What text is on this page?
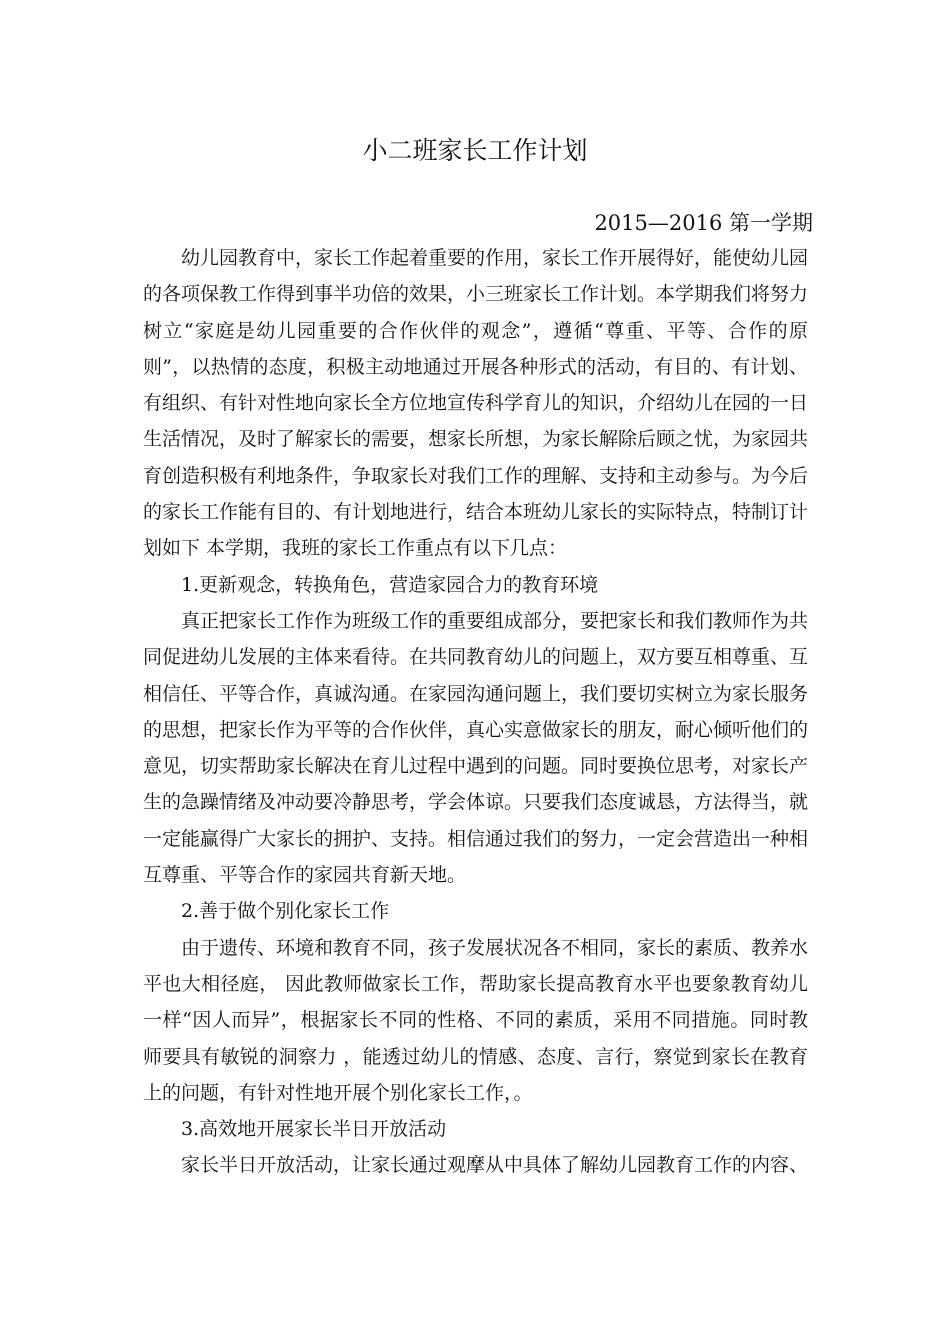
小二班家长工作计划
2015—2016 第一学期

幼儿园教育中，家长工作起着重要的作用，家长工作开展得好，能使幼儿园的各项保教工作得到事半功倍的效果，小三班家长工作计划。本学期我们将努力树立“家庭是幼儿园重要的合作伙伴的观念”，遵循“尊重、平等、合作的原则”，以热情的态度，积极主动地通过开展各种形式的活动，有目的、有计划、有组织、有针对性地向家长全方位地宣传科学育儿的知识，介绍幼儿在园的一日生活情况，及时了解家长的需要，想家长所想，为家长解除后顾之忧，为家园共育创造积极有利地条件，争取家长对我们工作的理解、支持和主动参与。为今后的家长工作能有目的、有计划地进行，结合本班幼儿家长的实际特点，特制订计划如下 本学期，我班的家长工作重点有以下几点：

1.更新观念，转换角色，营造家园合力的教育环境

真正把家长工作作为班级工作的重要组成部分，要把家长和我们教师作为共同促进幼儿发展的主体来看待。在共同教育幼儿的问题上，双方要互相尊重、互相信任、平等合作，真诚沟通。在家园沟通问题上，我们要切实树立为家长服务的思想，把家长作为平等的合作伙伴，真心实意做家长的朋友，耐心倾听他们的意见，切实帮助家长解决在育儿过程中遇到的问题。同时要换位思考，对家长产生的急躁情绪及冲动要冷静思考，学会体谅。只要我们态度诚恳，方法得当，就一定能赢得广大家长的拥护、支持。相信通过我们的努力，一定会营造出一种相互尊重、平等合作的家园共育新天地。

2.善于做个别化家长工作

由于遗传、环境和教育不同，孩子发展状况各不相同，家长的素质、教养水平也大相径庭， 因此教师做家长工作，帮助家长提高教育水平也要象教育幼儿一样“因人而异”，根据家长不同的性格、不同的素质，采用不同措施。同时教师要具有敏锐的洞察力 ，能透过幼儿的情感、态度、言行，察觉到家长在教育上的问题，有针对性地开展个别化家长工作，。

3.高效地开展家长半日开放活动

家长半日开放活动，让家长通过观摩从中具体了解幼儿园教育工作的内容、
